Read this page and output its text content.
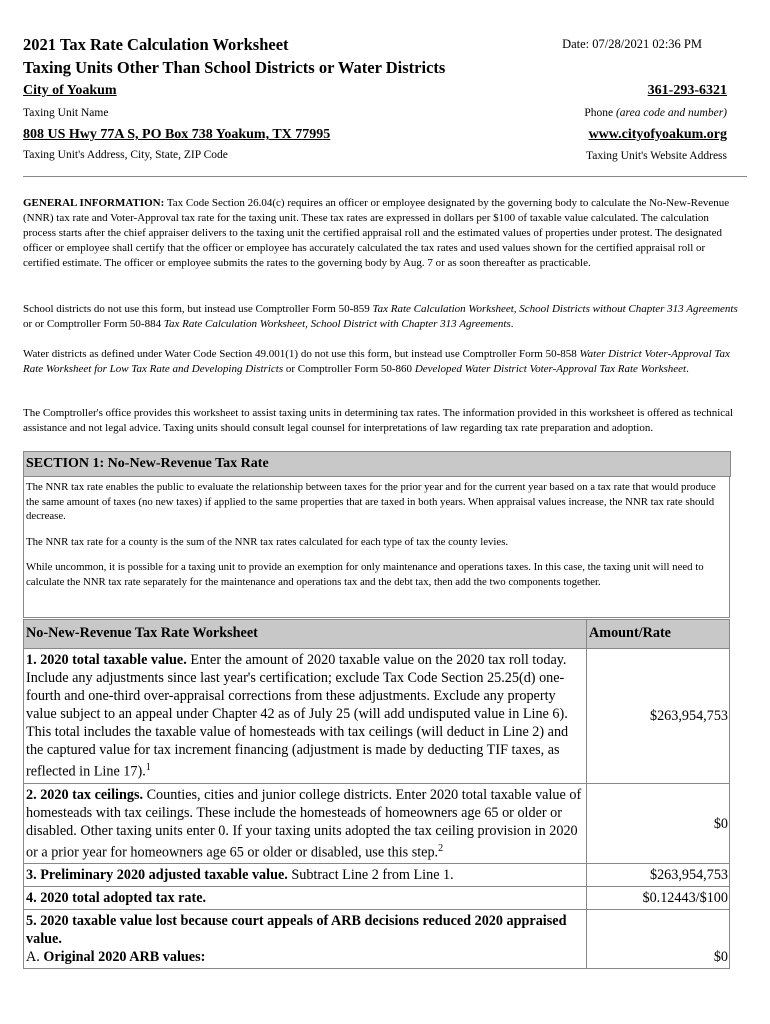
2021 Tax Rate Calculation Worksheet
Taxing Units Other Than School Districts or Water Districts
Date: 07/28/2021 02:36 PM
City of Yoakum
Taxing Unit Name
361-293-6321
Phone (area code and number)
808 US Hwy 77A S, PO Box 738 Yoakum, TX 77995
Taxing Unit's Address, City, State, ZIP Code
www.cityofyoakum.org
Taxing Unit's Website Address
GENERAL INFORMATION: Tax Code Section 26.04(c) requires an officer or employee designated by the governing body to calculate the No-New-Revenue (NNR) tax rate and Voter-Approval tax rate for the taxing unit. These tax rates are expressed in dollars per $100 of taxable value calculated. The calculation process starts after the chief appraiser delivers to the taxing unit the certified appraisal roll and the estimated values of properties under protest. The designated officer or employee shall certify that the officer or employee has accurately calculated the tax rates and used values shown for the certified appraisal roll or certified estimate. The officer or employee submits the rates to the governing body by Aug. 7 or as soon thereafter as practicable.
School districts do not use this form, but instead use Comptroller Form 50-859 Tax Rate Calculation Worksheet, School Districts without Chapter 313 Agreements or or Comptroller Form 50-884 Tax Rate Calculation Worksheet, School District with Chapter 313 Agreements.
Water districts as defined under Water Code Section 49.001(1) do not use this form, but instead use Comptroller Form 50-858 Water District Voter-Approval Tax Rate Worksheet for Low Tax Rate and Developing Districts or Comptroller Form 50-860 Developed Water District Voter-Approval Tax Rate Worksheet.
The Comptroller's office provides this worksheet to assist taxing units in determining tax rates. The information provided in this worksheet is offered as technical assistance and not legal advice. Taxing units should consult legal counsel for interpretations of law regarding tax rate preparation and adoption.
SECTION 1: No-New-Revenue Tax Rate

The NNR tax rate enables the public to evaluate the relationship between taxes for the prior year and for the current year based on a tax rate that would produce the same amount of taxes (no new taxes) if applied to the same properties that are taxed in both years. When appraisal values increase, the NNR tax rate should decrease.

The NNR tax rate for a county is the sum of the NNR tax rates calculated for each type of tax the county levies.

While uncommon, it is possible for a taxing unit to provide an exemption for only maintenance and operations taxes. In this case, the taxing unit will need to calculate the NNR tax rate separately for the maintenance and operations tax and the debt tax, then add the two components together.

No-New-Revenue Tax Rate Worksheet	Amount/Rate
1. 2020 total taxable value. Enter the amount of 2020 taxable value on the 2020 tax roll today. Include any adjustments since last year's certification; exclude Tax Code Section 25.25(d) one-fourth and one-third over-appraisal corrections from these adjustments. Exclude any property value subject to an appeal under Chapter 42 as of July 25 (will add undisputed value in Line 6). This total includes the taxable value of homesteads with tax ceilings (will deduct in Line 2) and the captured value for tax increment financing (adjustment is made by deducting TIF taxes, as reflected in Line 17).$^1$	$263,954,753
2. 2020 tax ceilings. Counties, cities and junior college districts. Enter 2020 total taxable value of homesteads with tax ceilings. These include the homesteads of homeowners age 65 or older or disabled. Other taxing units enter 0. If your taxing units adopted the tax ceiling provision in 2020 or a prior year for homeowners age 65 or older or disabled, use this step.$^2$	$0
3. Preliminary 2020 adjusted taxable value. Subtract Line 2 from Line 1.	$263,954,753
4. 2020 total adopted tax rate.	$0.12443/$100
5. 2020 taxable value lost because court appeals of ARB decisions reduced 2020 appraised value.
A. Original 2020 ARB values:	$0
